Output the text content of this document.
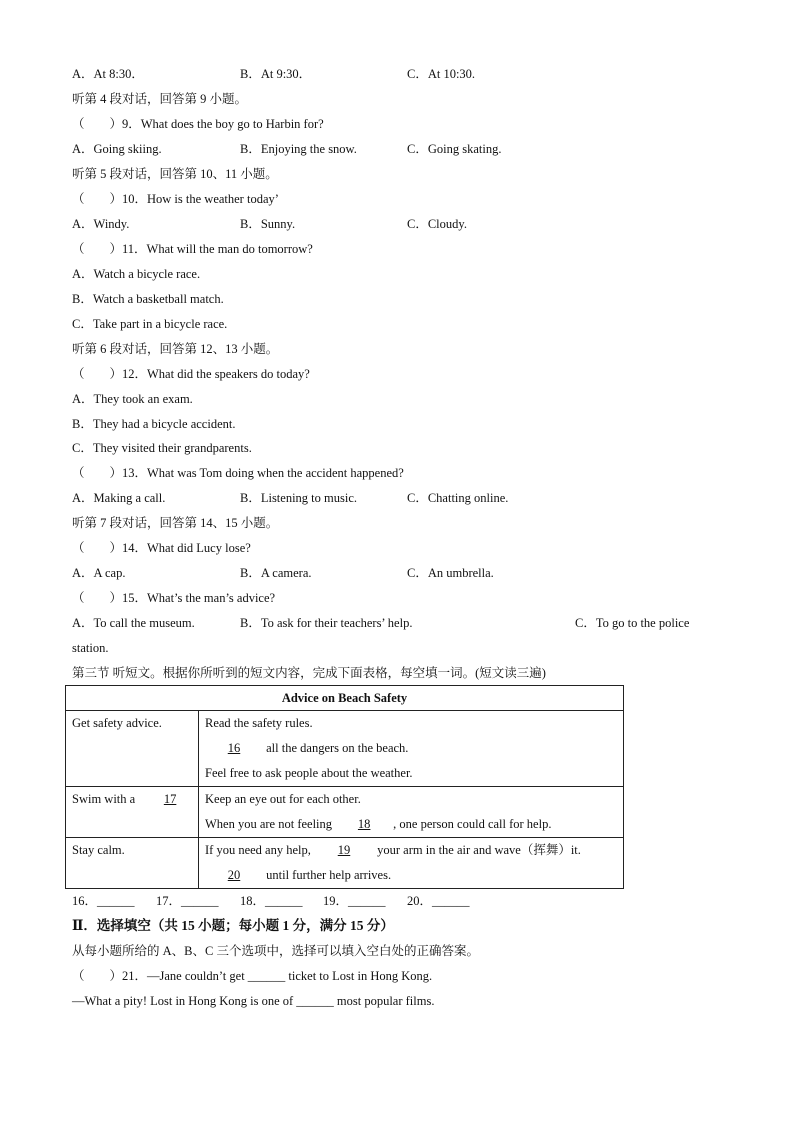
A．At 8:30．	B．At 9:30．	C．At 10:30.
听第 4 段对话，回答第 9 小题。
（　　）9．What does the boy go to Harbin for?
A．Going skiing.	B．Enjoying the snow.	C．Going skating.
听第 5 段对话，回答第 10、11 小题。
（　　）10．How is the weather today’
A．Windy.	B．Sunny.	C．Cloudy.
（　　）11．What will the man do tomorrow?
A．Watch a bicycle race.
B．Watch a basketball match.
C．Take part in a bicycle race.
听第 6 段对话，回答第 12、13 小题。
（　　）12．What did the speakers do today?
A．They took an exam.
B．They had a bicycle accident.
C．They visited their grandparents.
（　　）13．What was Tom doing when the accident happened?
A．Making a call.	B．Listening to music.	C．Chatting online.
听第 7 段对话，回答第 14、15 小题。
（　　）14．What did Lucy lose?
A．A cap.	B．A camera.	C．An umbrella.
（　　）15．What’s the man’s advice?
A．To call the museum.	B．To ask for their teachers’ help.	C．To go to the police
station.
第三节 听短文。根据你所听到的短文内容，完成下面表格，每空填一词。(短文读三遍)
Advice on Beach Safety	
Get safety advice.	Read the safety rules.
16 all the dangers on the beach.
Feel free to ask people about the weather.

Swim with a 17	Keep an eye out for each other.
When you are not feeling 18 , one person could call for help.

Stay calm.	If you need any help, 19 your arm in the air and wave（挥舞）it.
20 until further help arrives.
16．______ 17．______ 18．______ 19．______ 20．______
Ⅱ．选择填空（共 15 小题；每小题 1 分，满分 15 分）
从每小题所给的 A、B、C 三个选项中，选择可以填入空白处的正确答案。
（　　）21．—Jane couldn’t get ______ ticket to Lost in Hong Kong.
—What a pity! Lost in Hong Kong is one of ______ most popular films.
